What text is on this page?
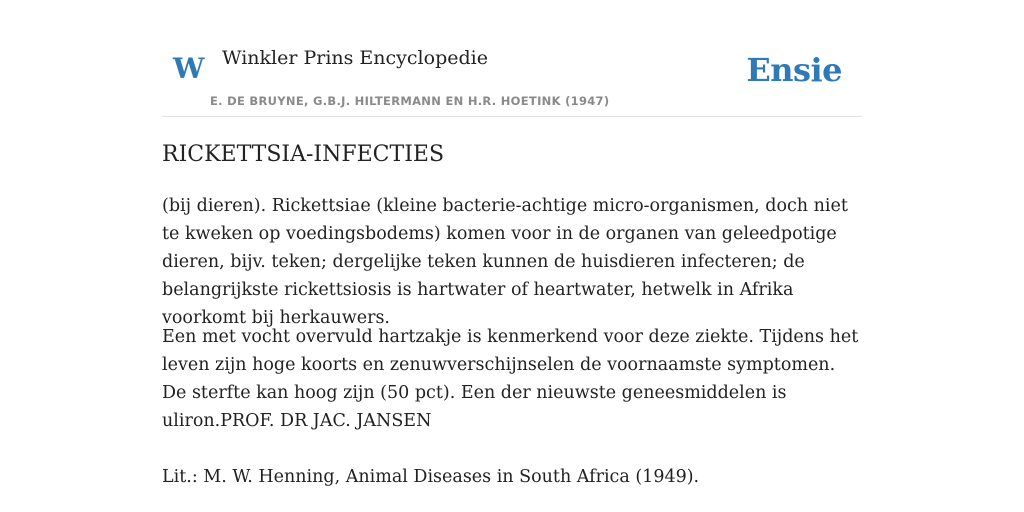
W Winkler Prins Encyclopedie
E. DE BRUYNE, G.B.J. HILTERMANN EN H.R. HOETINK (1947)
Ensie
RICKETTSIA-INFECTIES

(bij dieren). Rickettsiae (kleine bacterie-achtige micro-organismen, doch niet te kweken op voedingsbodems) komen voor in de organen van geleedpotige dieren, bijv. teken; dergelijke teken kunnen de huisdieren infecteren; de belangrijkste rickettsiosis is hartwater of heartwater, hetwelk in Afrika voorkomt bij herkauwers.

Een met vocht overvuld hartzakje is kenmerkend voor deze ziekte. Tijdens het leven zijn hoge koorts en zenuwverschijnselen de voornaamste symptomen. De sterfte kan hoog zijn (50 pct). Een der nieuwste geneesmiddelen is uliron.PROF. DR JAC. JANSEN

Lit.: M. W. Henning, Animal Diseases in South Africa (1949).
